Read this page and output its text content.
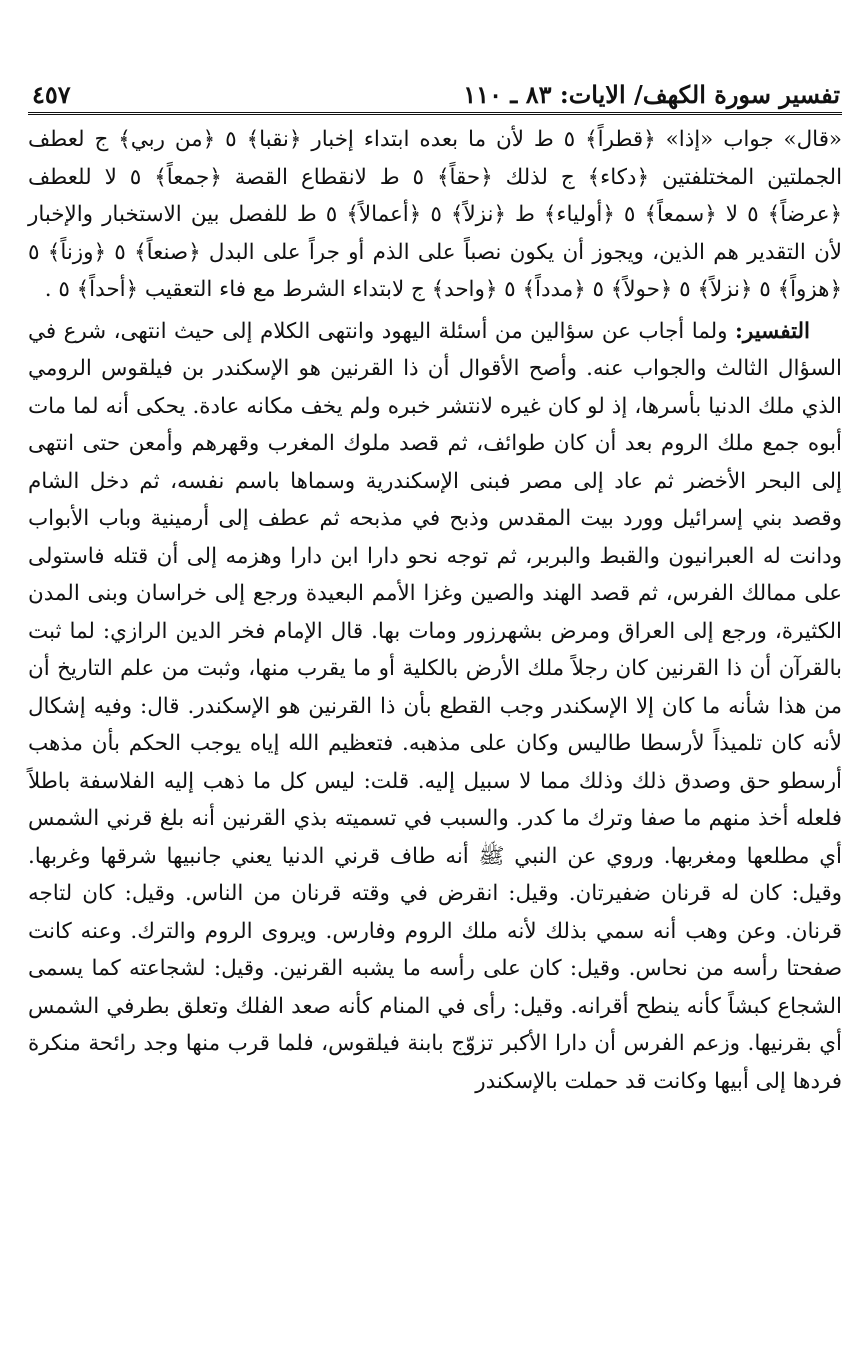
تفسير سورة الكهف/ الايات: ٨٣ ـ ١١٠
٤٥٧

«قال» جواب «إذا» ﴿قطراً﴾ ٥ ط لأن ما بعده ابتداء إخبار ﴿نقبا﴾ ٥ ﴿من ربي﴾ ج لعطف الجملتين المختلفتين ﴿دكاء﴾ ج لذلك ﴿حقاً﴾ ٥ ط لانقطاع القصة ﴿جمعاً﴾ ٥ لا للعطف ﴿عرضاً﴾ ٥ لا ﴿سمعاً﴾ ٥ ﴿أولياء﴾ ط ﴿نزلاً﴾ ٥ ﴿أعمالاً﴾ ٥ ط للفصل بين الاستخبار والإخبار لأن التقدير هم الذين، ويجوز أن يكون نصباً على الذم أو جراً على البدل ﴿صنعاً﴾ ٥ ﴿وزناً﴾ ٥ ﴿هزواً﴾ ٥ ﴿نزلاً﴾ ٥ ﴿حولاً﴾ ٥ ﴿مدداً﴾ ٥ ﴿واحد﴾ ج لابتداء الشرط مع فاء التعقيب ﴿أحداً﴾ ٥ .

التفسير: ولما أجاب عن سؤالين من أسئلة اليهود وانتهى الكلام إلى حيث انتهى، شرع في السؤال الثالث والجواب عنه. وأصح الأقوال أن ذا القرنين هو الإسكندر بن فيلقوس الرومي الذي ملك الدنيا بأسرها، إذ لو كان غيره لانتشر خبره ولم يخف مكانه عادة. يحكى أنه لما مات أبوه جمع ملك الروم بعد أن كان طوائف، ثم قصد ملوك المغرب وقهرهم وأمعن حتى انتهى إلى البحر الأخضر ثم عاد إلى مصر فبنى الإسكندرية وسماها باسم نفسه، ثم دخل الشام وقصد بني إسرائيل وورد بيت المقدس وذبح في مذبحه ثم عطف إلى أرمينية وباب الأبواب ودانت له العبرانيون والقبط والبربر، ثم توجه نحو دارا ابن دارا وهزمه إلى أن قتله فاستولى على ممالك الفرس، ثم قصد الهند والصين وغزا الأمم البعيدة ورجع إلى خراسان وبنى المدن الكثيرة، ورجع إلى العراق ومرض بشهرزور ومات بها. قال الإمام فخر الدين الرازي: لما ثبت بالقرآن أن ذا القرنين كان رجلاً ملك الأرض بالكلية أو ما يقرب منها، وثبت من علم التاريخ أن من هذا شأنه ما كان إلا الإسكندر وجب القطع بأن ذا القرنين هو الإسكندر. قال: وفيه إشكال لأنه كان تلميذاً لأرسطا طاليس وكان على مذهبه. فتعظيم الله إياه يوجب الحكم بأن مذهب أرسطو حق وصدق ذلك وذلك مما لا سبيل إليه. قلت: ليس كل ما ذهب إليه الفلاسفة باطلاً فلعله أخذ منهم ما صفا وترك ما كدر. والسبب في تسميته بذي القرنين أنه بلغ قرني الشمس أي مطلعها ومغربها. وروي عن النبي ﷺ أنه طاف قرني الدنيا يعني جانبيها شرقها وغربها. وقيل: كان له قرنان ضفيرتان. وقيل: انقرض في وقته قرنان من الناس. وقيل: كان لتاجه قرنان. وعن وهب أنه سمي بذلك لأنه ملك الروم وفارس. ويروى الروم والترك. وعنه كانت صفحتا رأسه من نحاس. وقيل: كان على رأسه ما يشبه القرنين. وقيل: لشجاعته كما يسمى الشجاع كبشاً كأنه ينطح أقرانه. وقيل: رأى في المنام كأنه صعد الفلك وتعلق بطرفي الشمس أي بقرنيها. وزعم الفرس أن دارا الأكبر تزوّج بابنة فيلقوس، فلما قرب منها وجد رائحة منكرة فردها إلى أبيها وكانت قد حملت بالإسكندر
